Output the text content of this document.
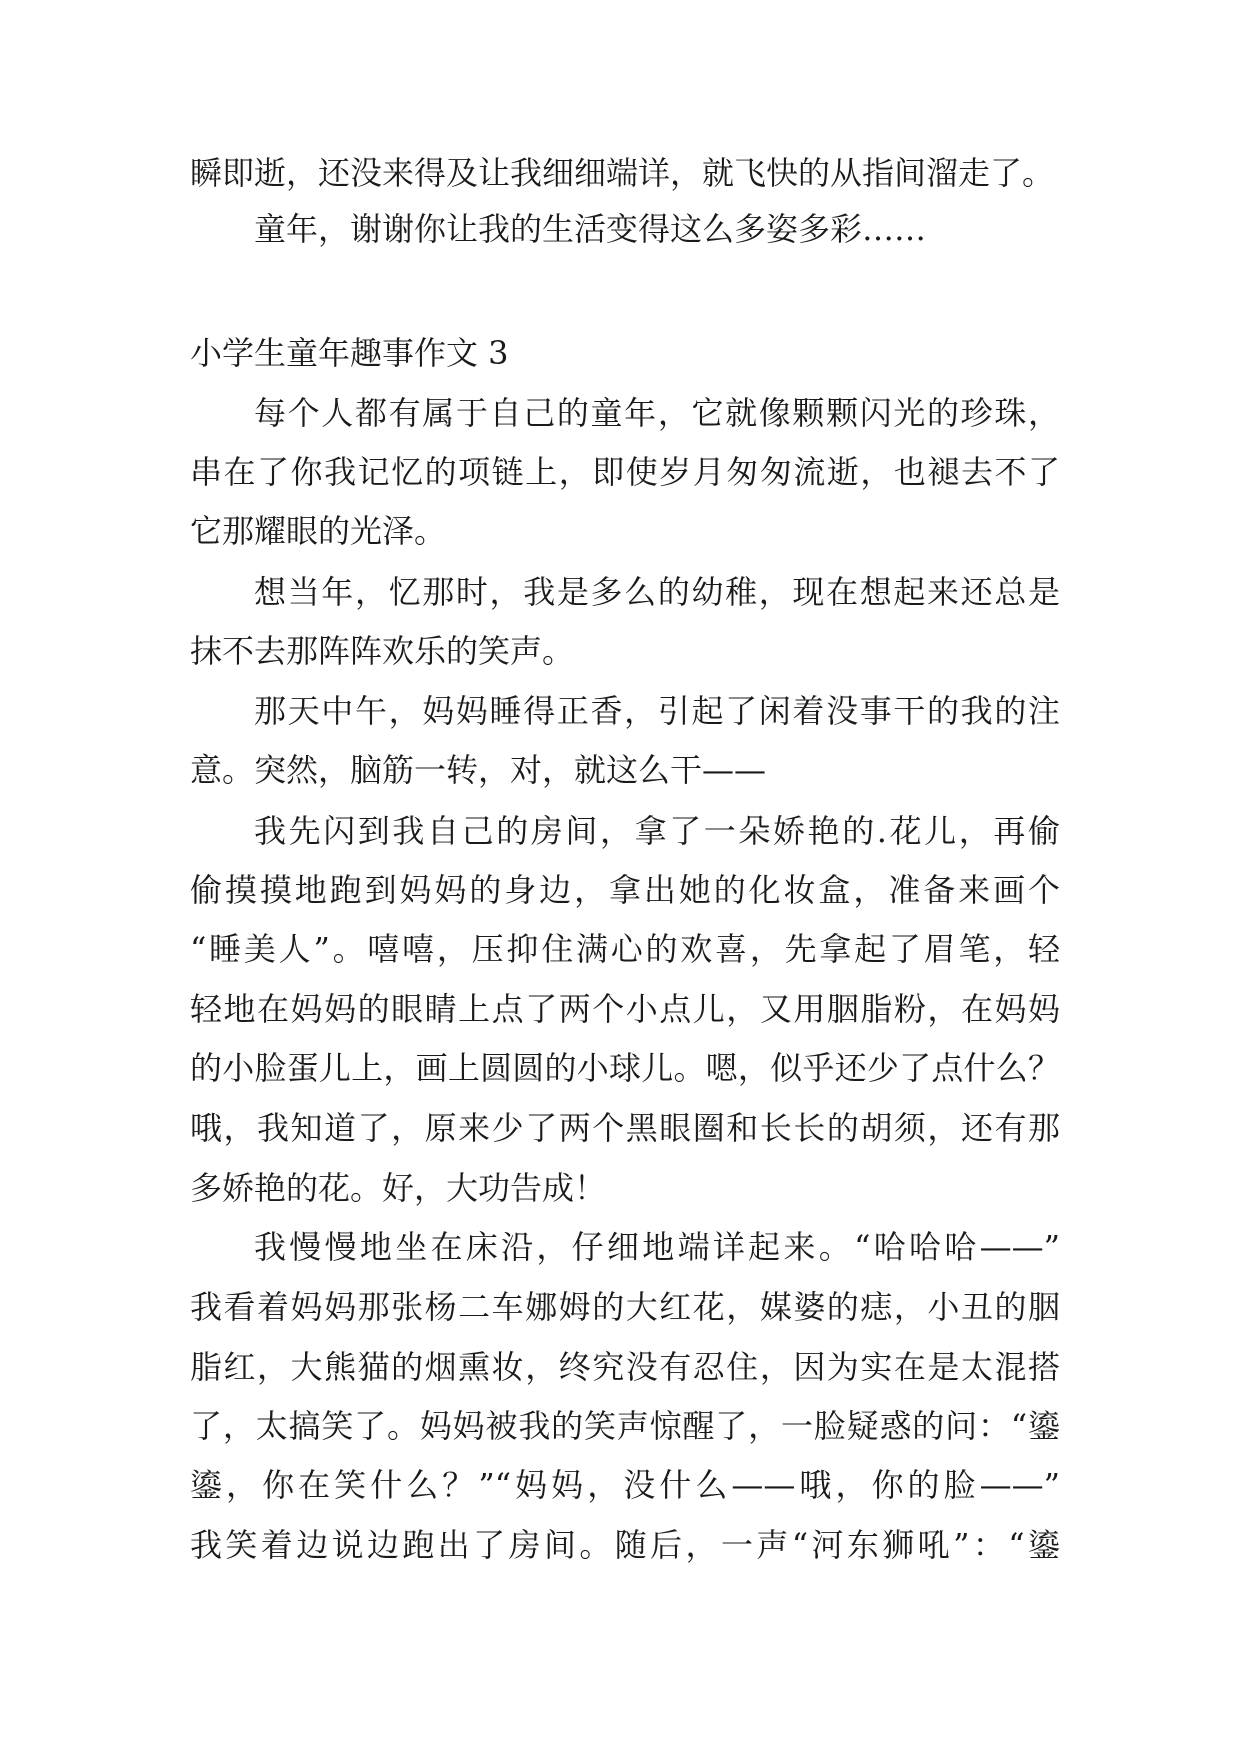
瞬即逝，还没来得及让我细细端详，就飞快的从指间溜走了。
童年，谢谢你让我的生活变得这么多姿多彩……
小学生童年趣事作文 3
每个人都有属于自己的童年，它就像颗颗闪光的珍珠，
串在了你我记忆的项链上，即使岁月匆匆流逝，也褪去不了
它那耀眼的光泽。
想当年，忆那时，我是多么的幼稚，现在想起来还总是
抹不去那阵阵欢乐的笑声。
那天中午，妈妈睡得正香，引起了闲着没事干的我的注
意。突然，脑筋一转，对，就这么干——
我先闪到我自己的房间，拿了一朵娇艳的.花儿，再偷
偷摸摸地跑到妈妈的身边，拿出她的化妆盒，准备来画个
“睡美人”。嘻嘻，压抑住满心的欢喜，先拿起了眉笔，轻
轻地在妈妈的眼睛上点了两个小点儿，又用胭脂粉，在妈妈
的小脸蛋儿上，画上圆圆的小球儿。嗯，似乎还少了点什么？
哦，我知道了，原来少了两个黑眼圈和长长的胡须，还有那
多娇艳的花。好，大功告成！
我慢慢地坐在床沿，仔细地端详起来。“哈哈哈——”
我看着妈妈那张杨二车娜姆的大红花，媒婆的痣，小丑的胭
脂红，大熊猫的烟熏妆，终究没有忍住，因为实在是太混搭
了，太搞笑了。妈妈被我的笑声惊醒了，一脸疑惑的问：“鎏
鎏，你在笑什么？”“妈妈，没什么——哦，你的脸——”
我笑着边说边跑出了房间。随后，一声“河东狮吼”：“鎏
